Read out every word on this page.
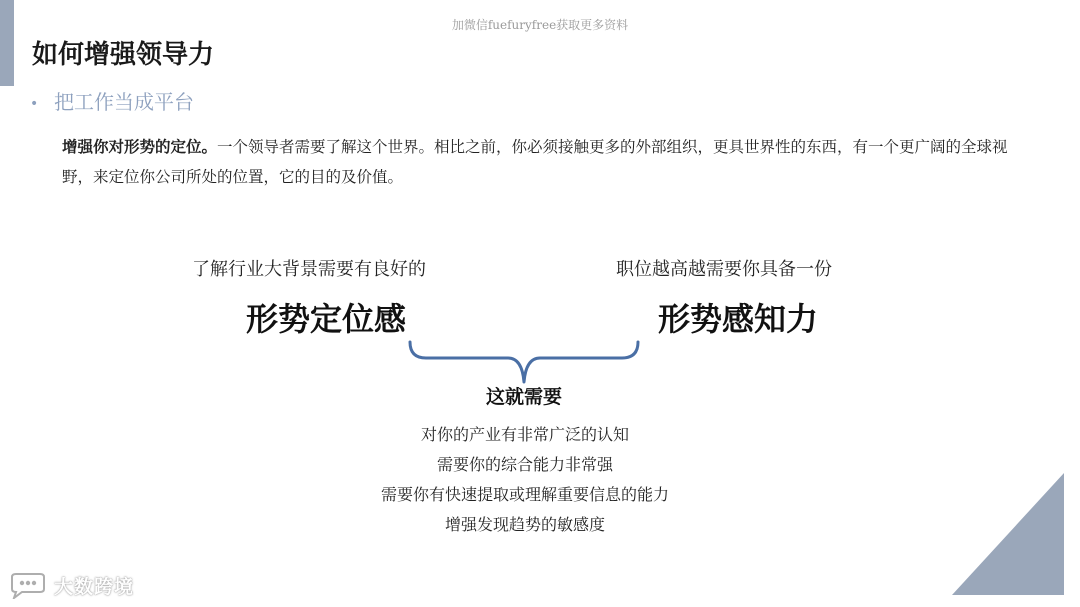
加微信fuefuryfree获取更多资料
如何增强领导力
• 把工作当成平台
增强你对形势的定位。一个领导者需要了解这个世界。相比之前，你必须接触更多的外部组织，更具世界性的东西，有一个更广阔的全球视野，来定位你公司所处的位置，它的目的及价值。
了解行业大背景需要有良好的	职位越高越需要你具备一份
形势定位感	形势感知力
这就需要
对你的产业有非常广泛的认知
需要你的综合能力非常强
需要你有快速提取或理解重要信息的能力
增强发现趋势的敏感度
大数跨境
